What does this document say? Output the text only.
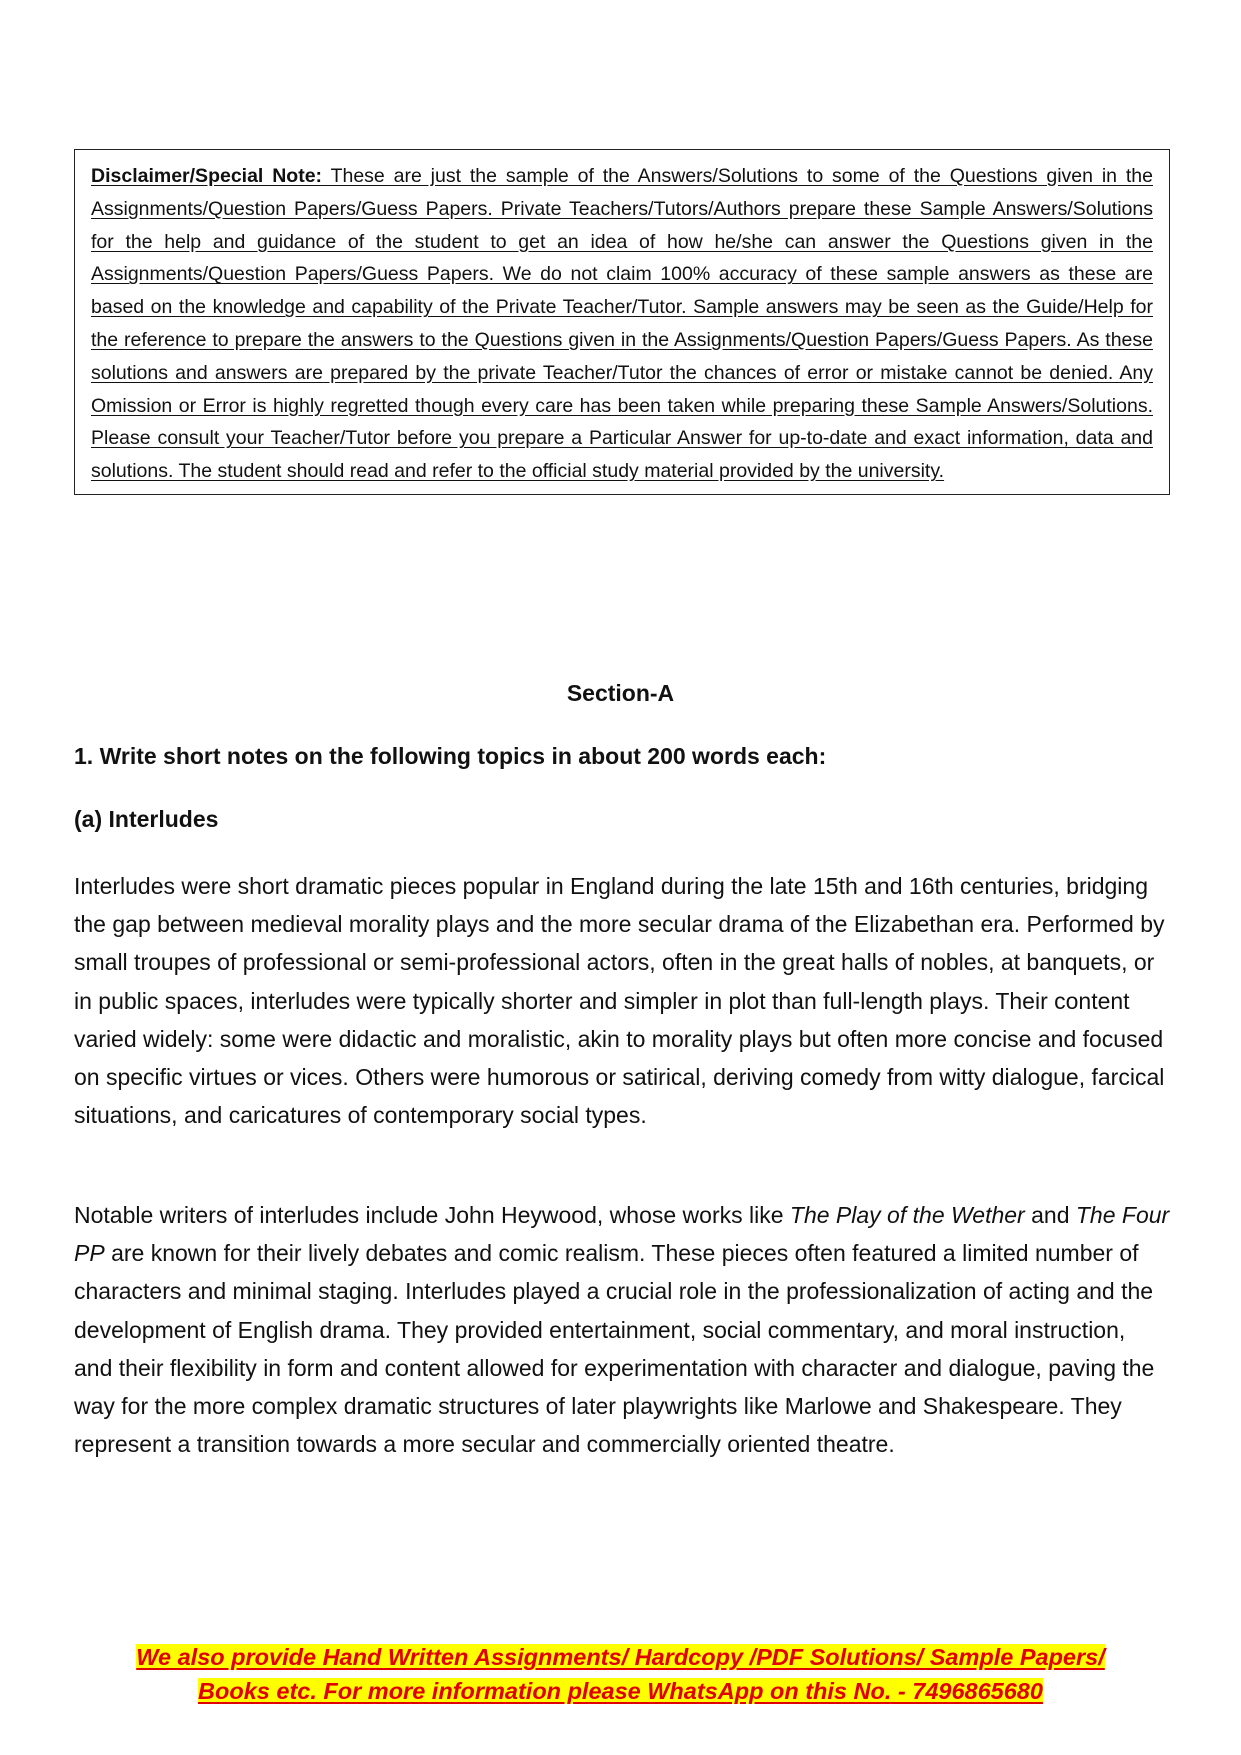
Disclaimer/Special Note: These are just the sample of the Answers/Solutions to some of the Questions given in the Assignments/Question Papers/Guess Papers. Private Teachers/Tutors/Authors prepare these Sample Answers/Solutions for the help and guidance of the student to get an idea of how he/she can answer the Questions given in the Assignments/Question Papers/Guess Papers. We do not claim 100% accuracy of these sample answers as these are based on the knowledge and capability of the Private Teacher/Tutor. Sample answers may be seen as the Guide/Help for the reference to prepare the answers to the Questions given in the Assignments/Question Papers/Guess Papers. As these solutions and answers are prepared by the private Teacher/Tutor the chances of error or mistake cannot be denied. Any Omission or Error is highly regretted though every care has been taken while preparing these Sample Answers/Solutions. Please consult your Teacher/Tutor before you prepare a Particular Answer for up-to-date and exact information, data and solutions. The student should read and refer to the official study material provided by the university.

Section-A
1. Write short notes on the following topics in about 200 words each:
(a) Interludes

Interludes were short dramatic pieces popular in England during the late 15th and 16th centuries, bridging the gap between medieval morality plays and the more secular drama of the Elizabethan era. Performed by small troupes of professional or semi-professional actors, often in the great halls of nobles, at banquets, or in public spaces, interludes were typically shorter and simpler in plot than full-length plays. Their content varied widely: some were didactic and moralistic, akin to morality plays but often more concise and focused on specific virtues or vices. Others were humorous or satirical, deriving comedy from witty dialogue, farcical situations, and caricatures of contemporary social types.

Notable writers of interludes include John Heywood, whose works like The Play of the Wether and The Four PP are known for their lively debates and comic realism. These pieces often featured a limited number of characters and minimal staging. Interludes played a crucial role in the professionalization of acting and the development of English drama. They provided entertainment, social commentary, and moral instruction, and their flexibility in form and content allowed for experimentation with character and dialogue, paving the way for the more complex dramatic structures of later playwrights like Marlowe and Shakespeare. They represent a transition towards a more secular and commercially oriented theatre.

We also provide Hand Written Assignments/ Hardcopy /PDF Solutions/ Sample Papers/
Books etc. For more information please WhatsApp on this No. - 7496865680
